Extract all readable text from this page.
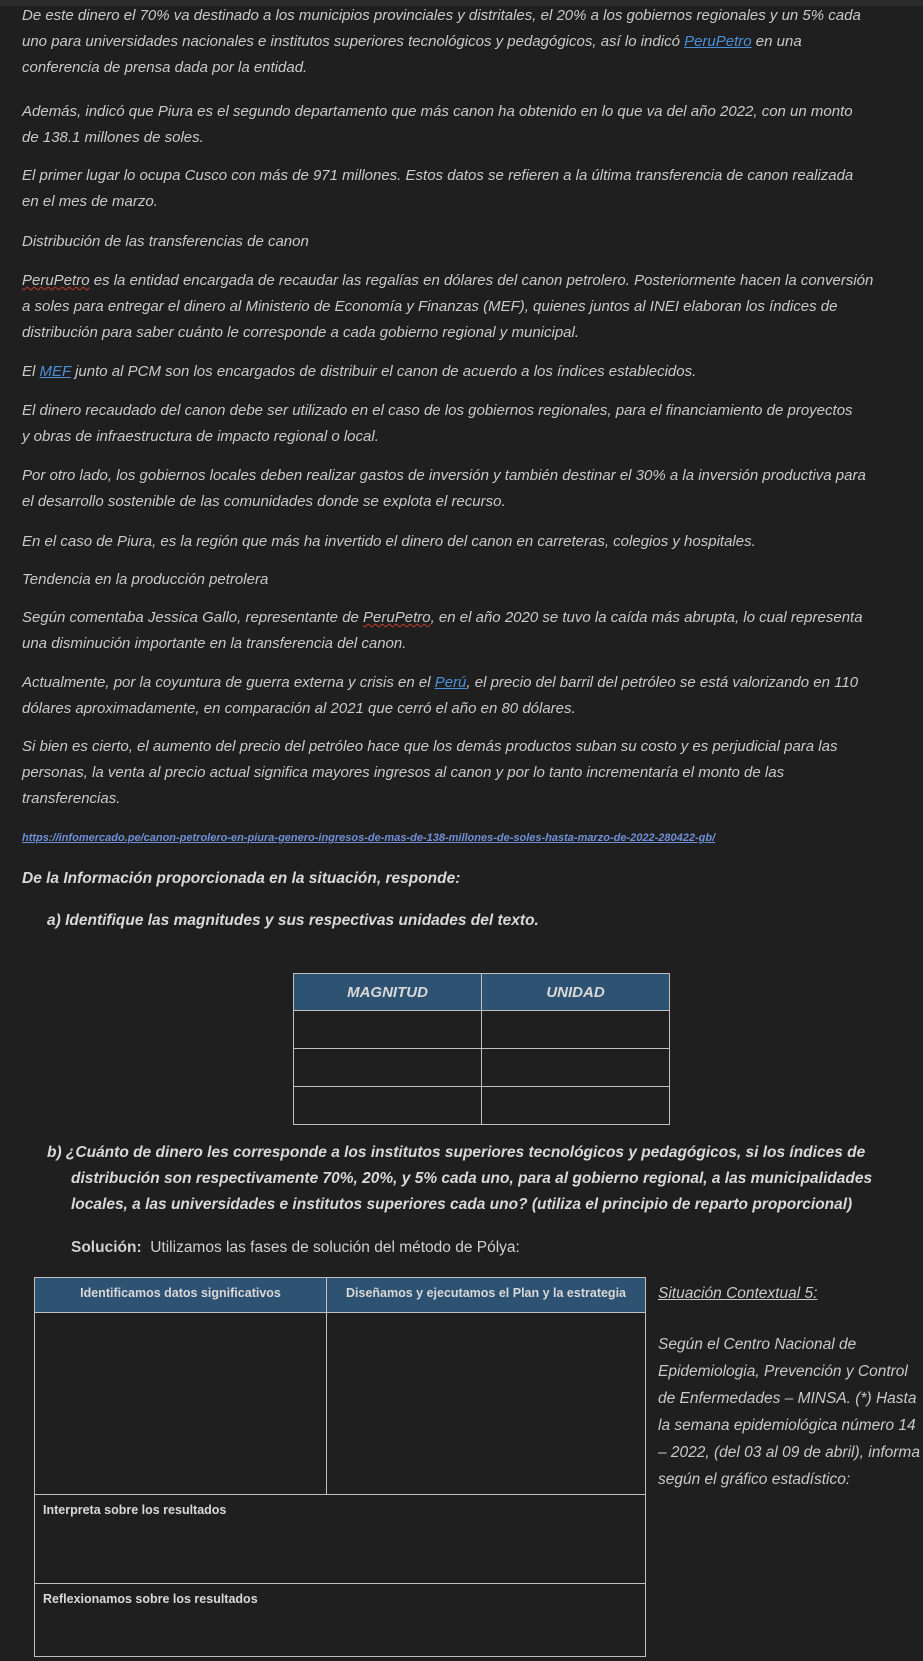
De este dinero el 70% va destinado a los municipios provinciales y distritales, el 20% a los gobiernos regionales y un 5% cada
uno para universidades nacionales e institutos superiores tecnológicos y pedagógicos, así lo indicó PeruPetro en una
conferencia de prensa dada por la entidad.
Además, indicó que Piura es el segundo departamento que más canon ha obtenido en lo que va del año 2022, con un monto
de 138.1 millones de soles.
El primer lugar lo ocupa Cusco con más de 971 millones. Estos datos se refieren a la última transferencia de canon realizada
en el mes de marzo.
Distribución de las transferencias de canon
PeruPetro es la entidad encargada de recaudar las regalías en dólares del canon petrolero. Posteriormente hacen la conversión
a soles para entregar el dinero al Ministerio de Economía y Finanzas (MEF), quienes juntos al INEI elaboran los índices de
distribución para saber cuánto le corresponde a cada gobierno regional y municipal.
El MEF junto al PCM son los encargados de distribuir el canon de acuerdo a los índices establecidos.
El dinero recaudado del canon debe ser utilizado en el caso de los gobiernos regionales, para el financiamiento de proyectos
y obras de infraestructura de impacto regional o local.
Por otro lado, los gobiernos locales deben realizar gastos de inversión y también destinar el 30% a la inversión productiva para
el desarrollo sostenible de las comunidades donde se explota el recurso.
En el caso de Piura, es la región que más ha invertido el dinero del canon en carreteras, colegios y hospitales.
Tendencia en la producción petrolera
Según comentaba Jessica Gallo, representante de PeruPetro, en el año 2020 se tuvo la caída más abrupta, lo cual representa
una disminución importante en la transferencia del canon.
Actualmente, por la coyuntura de guerra externa y crisis en el Perú, el precio del barril del petróleo se está valorizando en 110
dólares aproximadamente, en comparación al 2021 que cerró el año en 80 dólares.
Si bien es cierto, el aumento del precio del petróleo hace que los demás productos suban su costo y es perjudicial para las
personas, la venta al precio actual significa mayores ingresos al canon y por lo tanto incrementaría el monto de las
transferencias.
https://infomercado.pe/canon-petrolero-en-piura-genero-ingresos-de-mas-de-138-millones-de-soles-hasta-marzo-de-2022-280422-gb/
De la Información proporcionada en la situación, responde:
a) Identifique las magnitudes y sus respectivas unidades del texto.
MAGNITUD	UNIDAD

b) ¿Cuánto de dinero les corresponde a los institutos superiores tecnológicos y pedagógicos, si los índices de
distribución son respectivamente 70%, 20%, y 5% cada uno, para al gobierno regional, a las municipalidades
locales, a las universidades e institutos superiores cada uno? (utiliza el principio de reparto proporcional)
Solución: Utilizamos las fases de solución del método de Pólya:
Identificamos datos significativos	Diseñamos y ejecutamos el Plan y la estrategia
Interpreta sobre los resultados
Reflexionamos sobre los resultados
Situación Contextual 5:
Según el Centro Nacional de
Epidemiologia, Prevención y Control
de Enfermedades – MINSA. (*) Hasta
la semana epidemiológica número 14
– 2022, (del 03 al 09 de abril), informa
según el gráfico estadístico:
